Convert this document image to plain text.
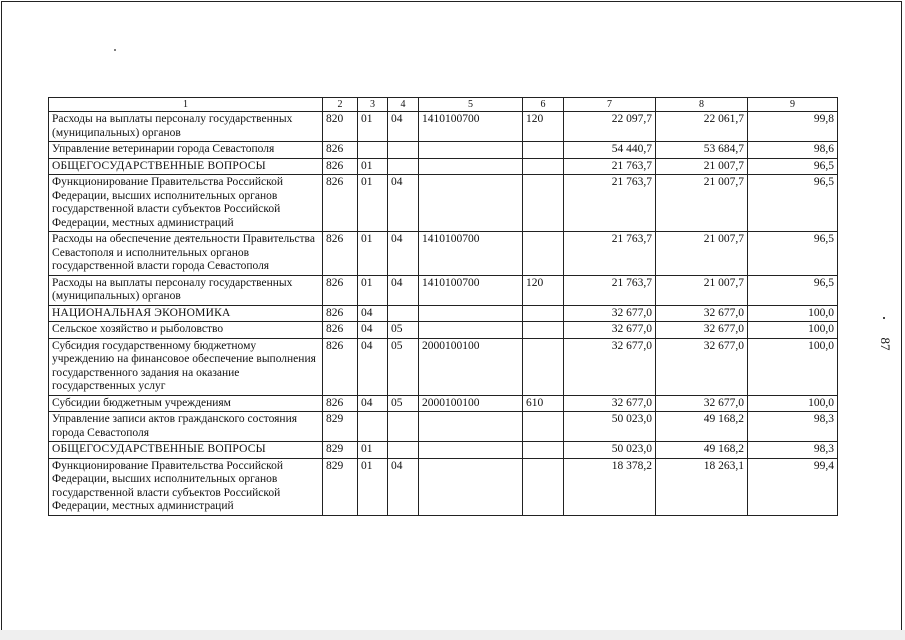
87
1	2	3	4	5	6	7	8	9
Расходы на выплаты персоналу государственных (муниципальных) органов	820	01	04	1410100700	120	22 097,7	22 061,7	99,8
Управление ветеринарии города Севастополя	826					54 440,7	53 684,7	98,6
ОБЩЕГОСУДАРСТВЕННЫЕ ВОПРОСЫ	826	01				21 763,7	21 007,7	96,5
Функционирование Правительства Российской Федерации, высших исполнительных органов государственной власти субъектов Российской Федерации, местных администраций	826	01	04			21 763,7	21 007,7	96,5
Расходы на обеспечение деятельности Правительства Севастополя и исполнительных органов государственной власти города Севастополя	826	01	04	1410100700		21 763,7	21 007,7	96,5
Расходы на выплаты персоналу государственных (муниципальных) органов	826	01	04	1410100700	120	21 763,7	21 007,7	96,5
НАЦИОНАЛЬНАЯ ЭКОНОМИКА	826	04				32 677,0	32 677,0	100,0
Сельское хозяйство и рыболовство	826	04	05			32 677,0	32 677,0	100,0
Субсидия государственному бюджетному учреждению на финансовое обеспечение выполнения государственного задания на оказание государственных услуг	826	04	05	2000100100		32 677,0	32 677,0	100,0
Субсидии бюджетным учреждениям	826	04	05	2000100100	610	32 677,0	32 677,0	100,0
Управление записи актов гражданского состояния города Севастополя	829					50 023,0	49 168,2	98,3
ОБЩЕГОСУДАРСТВЕННЫЕ ВОПРОСЫ	829	01				50 023,0	49 168,2	98,3
Функционирование Правительства Российской Федерации, высших исполнительных органов государственной власти субъектов Российской Федерации, местных администраций	829	01	04			18 378,2	18 263,1	99,4
